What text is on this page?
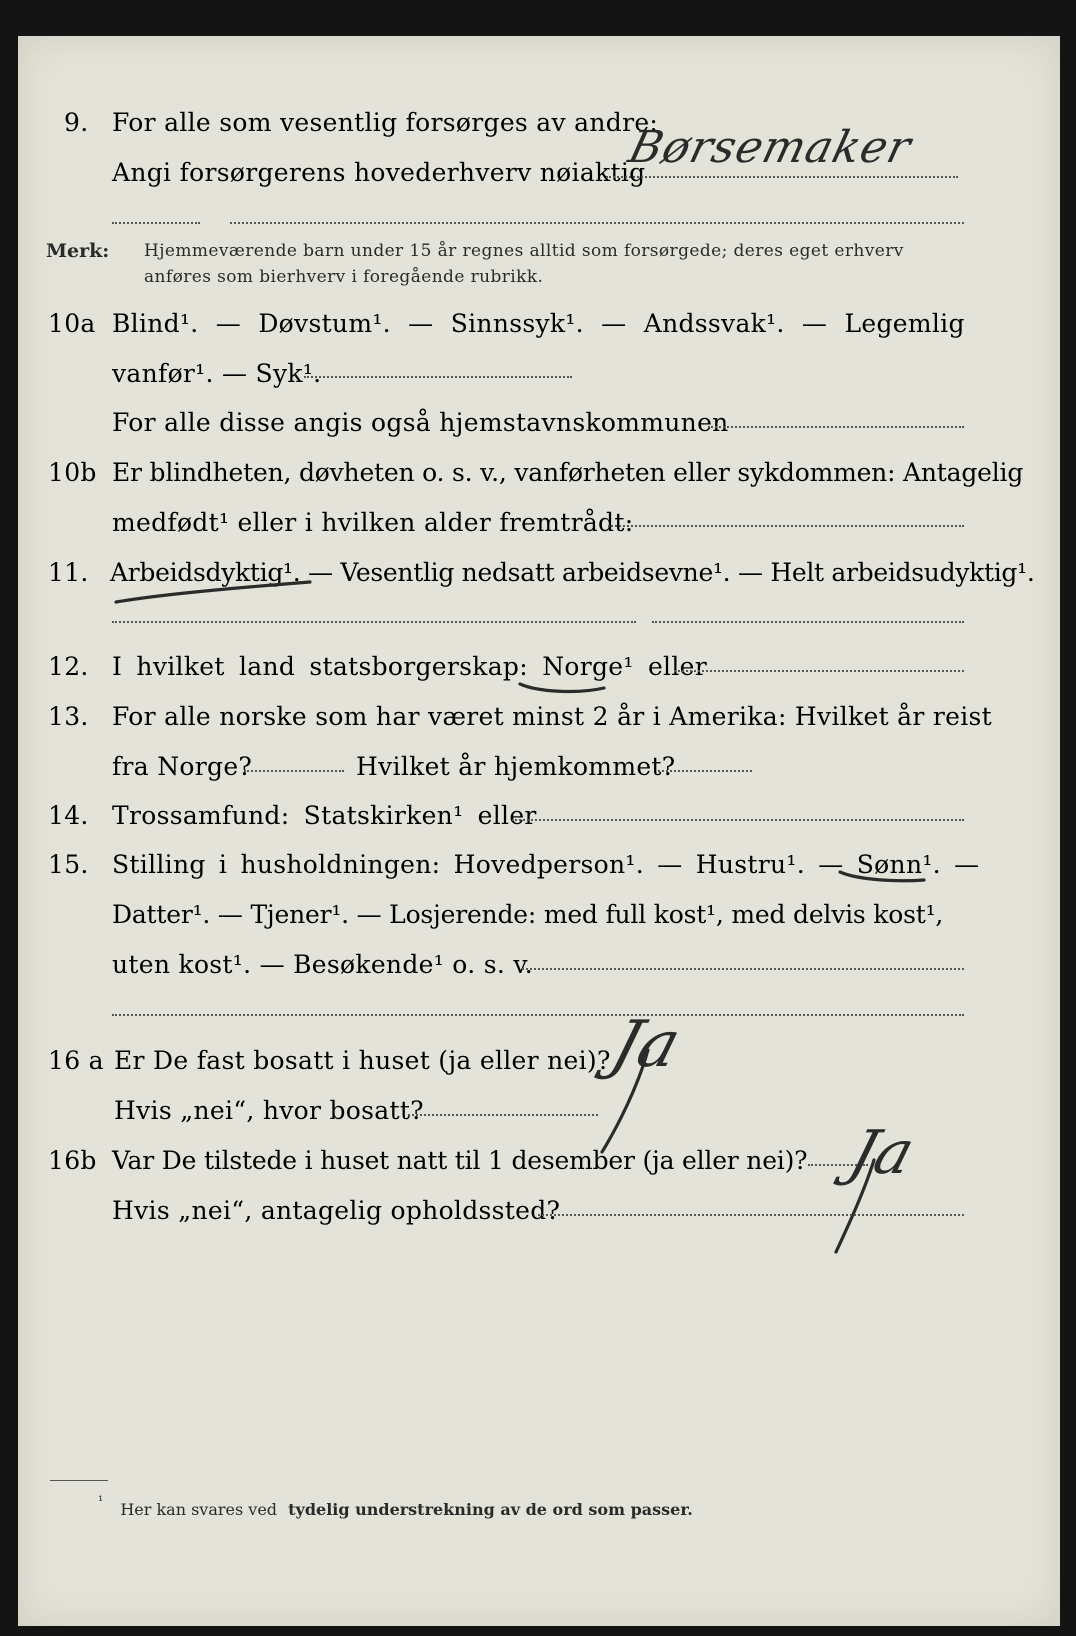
9. For alle som vesentlig forsørges av andre:
Angi forsørgerens hovederhverv nøiaktig
Børsemaker
Merk: Hjemmeværende barn under 15 år regnes alltid som forsørgede; deres eget erhverv
anføres som bierhverv i foregående rubrikk.
10a Blind¹. — Døvstum¹. — Sinnssyk¹. — Andssvak¹. — Legemlig
vanfør¹. — Syk¹.
For alle disse angis også hjemstavnskommunen
10b Er blindheten, døvheten o. s. v., vanførheten eller sykdommen: Antagelig
medfødt¹ eller i hvilken alder fremtrådt:
11. Arbeidsdyktig¹. — Vesentlig nedsatt arbeidsevne¹. — Helt arbeidsudyktig¹.
12. I hvilket land statsborgerskap: Norge¹ eller
13. For alle norske som har været minst 2 år i Amerika: Hvilket år reist
fra Norge?	Hvilket år hjemkommet?
14. Trossamfund: Statskirken¹ eller
15. Stilling i husholdningen: Hovedperson¹. — Hustru¹. — Sønn¹. —
Datter¹. — Tjener¹. — Losjerende: med full kost¹, med delvis kost¹,
uten kost¹. — Besøkende¹ o. s. v.
16 a Er De fast bosatt i huset (ja eller nei)?
Hvis „nei“, hvor bosatt?
Ja
16b Var De tilstede i huset natt til 1 desember (ja eller nei)? Ja
Hvis „nei“, antagelig opholdssted?
$^{^1}$ Her kan svares ved tydelig understrekning av de ord som passer.
